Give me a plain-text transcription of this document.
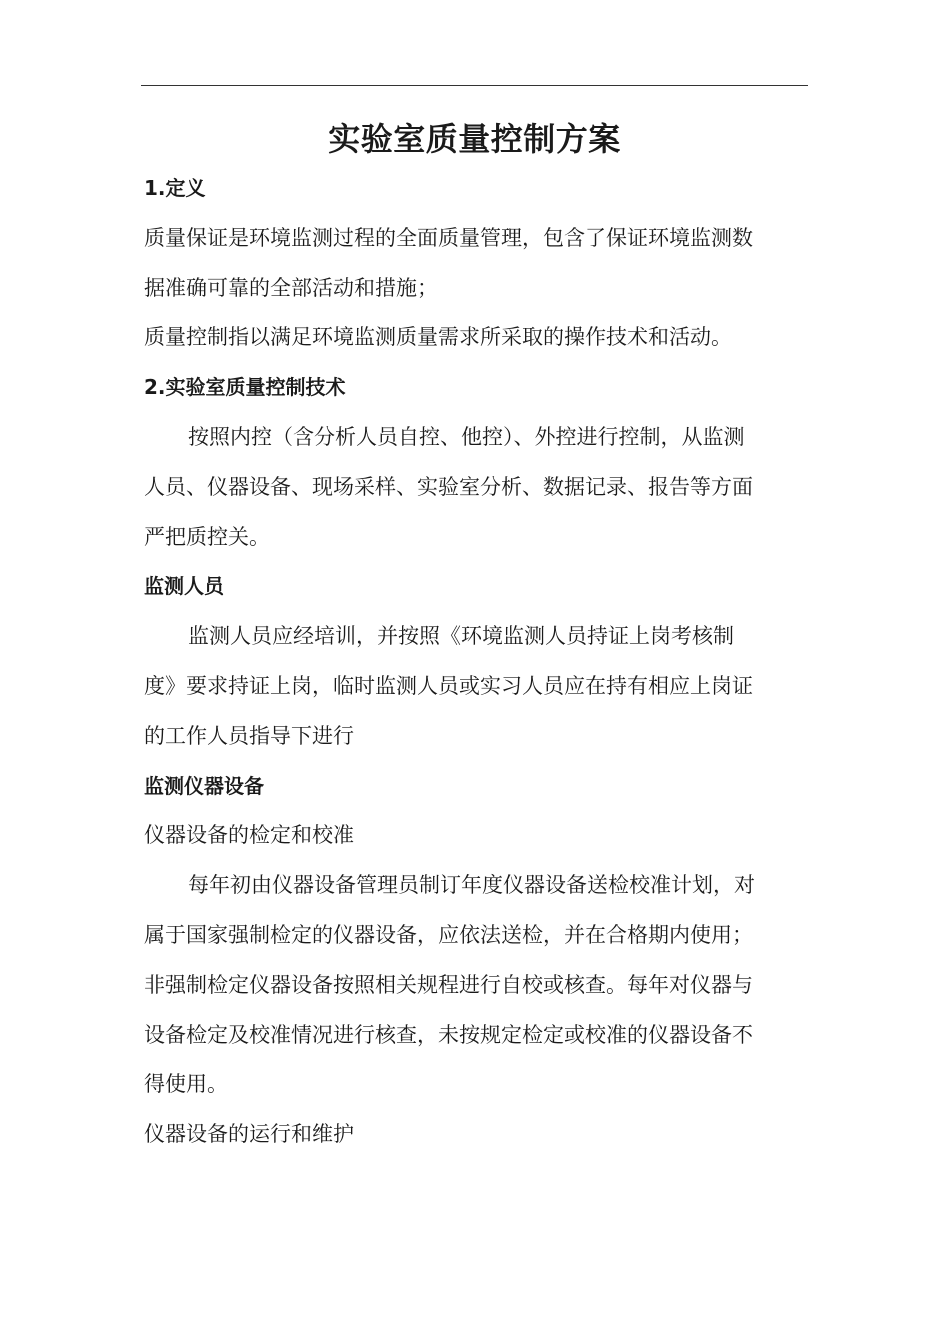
实验室质量控制方案
1.定义
质量保证是环境监测过程的全面质量管理，包含了保证环境监测数
据准确可靠的全部活动和措施；
质量控制指以满足环境监测质量需求所采取的操作技术和活动。
2.实验室质量控制技术
按照内控（含分析人员自控、他控）、外控进行控制，从监测
人员、仪器设备、现场采样、实验室分析、数据记录、报告等方面
严把质控关。
监测人员
监测人员应经培训，并按照《环境监测人员持证上岗考核制
度》要求持证上岗，临时监测人员或实习人员应在持有相应上岗证
的工作人员指导下进行
监测仪器设备
仪器设备的检定和校准
每年初由仪器设备管理员制订年度仪器设备送检校准计划，对
属于国家强制检定的仪器设备，应依法送检，并在合格期内使用；
非强制检定仪器设备按照相关规程进行自校或核查。每年对仪器与
设备检定及校准情况进行核查，未按规定检定或校准的仪器设备不
得使用。
仪器设备的运行和维护
